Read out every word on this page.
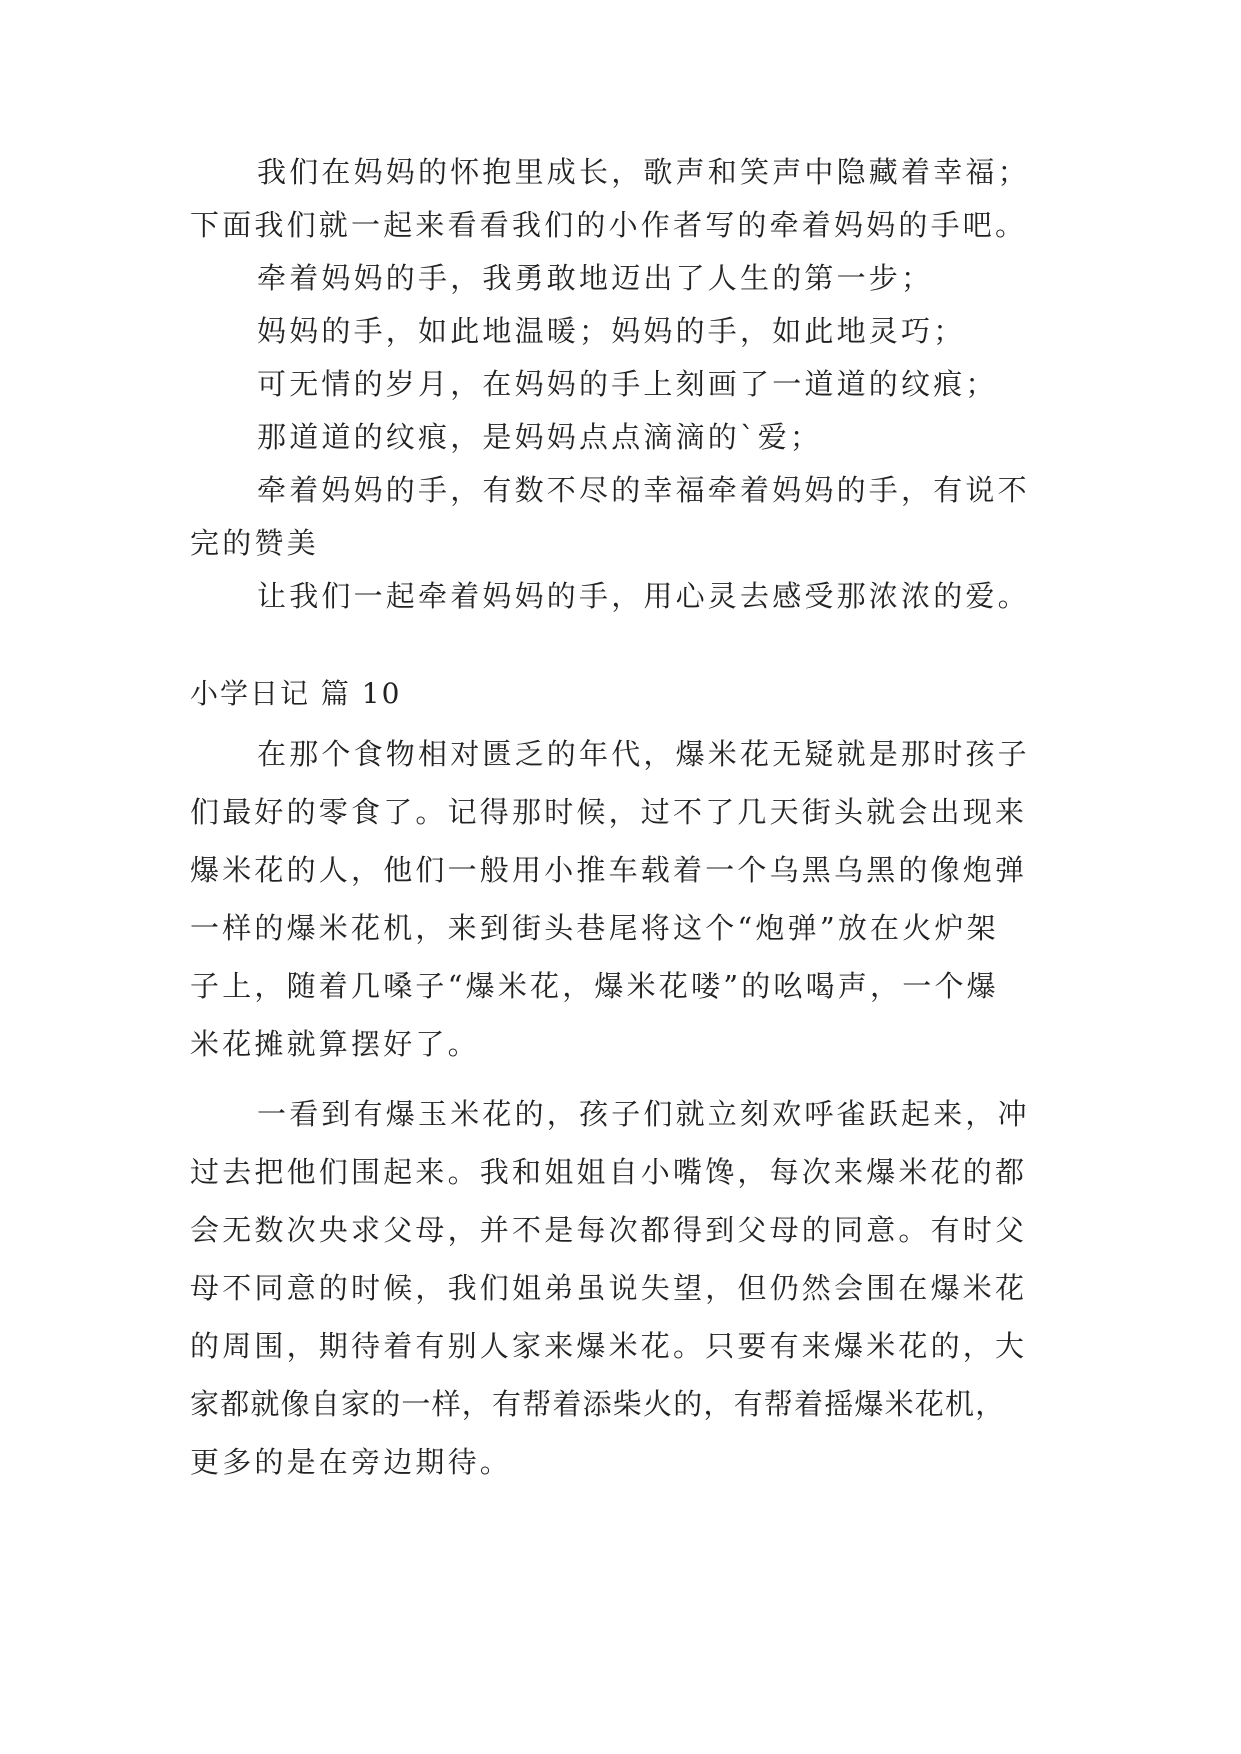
我们在妈妈的怀抱里成长，歌声和笑声中隐藏着幸福；
下面我们就一起来看看我们的小作者写的牵着妈妈的手吧。
牵着妈妈的手，我勇敢地迈出了人生的第一步；
妈妈的手，如此地温暖；妈妈的手，如此地灵巧；
可无情的岁月，在妈妈的手上刻画了一道道的纹痕；
那道道的纹痕，是妈妈点点滴滴的`爱；
牵着妈妈的手，有数不尽的幸福牵着妈妈的手，有说不
完的赞美
让我们一起牵着妈妈的手，用心灵去感受那浓浓的爱。
小学日记 篇 10
在那个食物相对匮乏的年代，爆米花无疑就是那时孩子
们最好的零食了。记得那时候，过不了几天街头就会出现来
爆米花的人，他们一般用小推车载着一个乌黑乌黑的像炮弹
一样的爆米花机，来到街头巷尾将这个“炮弹”放在火炉架
子上，随着几嗓子“爆米花，爆米花喽”的吆喝声，一个爆
米花摊就算摆好了。
一看到有爆玉米花的，孩子们就立刻欢呼雀跃起来，冲
过去把他们围起来。我和姐姐自小嘴馋，每次来爆米花的都
会无数次央求父母，并不是每次都得到父母的同意。有时父
母不同意的时候，我们姐弟虽说失望，但仍然会围在爆米花
的周围，期待着有别人家来爆米花。只要有来爆米花的，大
家都就像自家的一样，有帮着添柴火的，有帮着摇爆米花机，
更多的是在旁边期待。
